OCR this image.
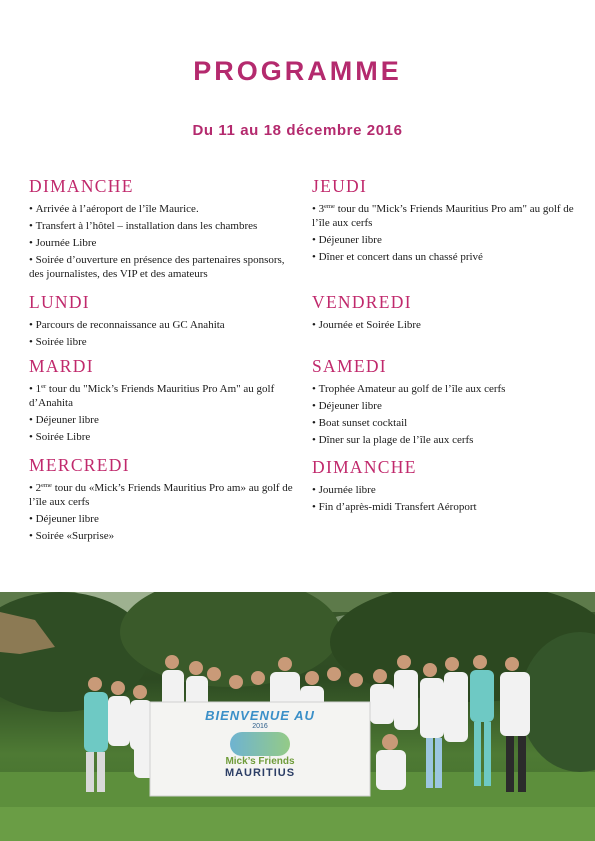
PROGRAMME
Du 11 au 18 décembre 2016
DIMANCHE
• Arrivée à l’aéroport de l’île Maurice.
• Transfert à l’hôtel – installation dans les chambres
• Journée Libre
• Soirée d’ouverture en présence des partenaires sponsors, des journalistes, des VIP et des amateurs
LUNDI
• Parcours de reconnaissance au GC Anahita
• Soirée libre
MARDI
• 1er tour du "Mick’s Friends Mauritius Pro Am" au golf d’Anahita
• Déjeuner libre
• Soirée Libre
MERCREDI
• 2eme tour du «Mick’s Friends Mauritius Pro am» au golf de l’île aux cerfs
• Déjeuner libre
• Soirée «Surprise»
JEUDI
• 3eme tour du "Mick’s Friends Mauritius Pro am" au golf de l’île aux cerfs
• Déjeuner libre
• Dîner et concert dans un chassé privé
VENDREDI
• Journée et Soirée Libre
SAMEDI
• Trophée Amateur au golf de l’île aux cerfs
• Déjeuner libre
• Boat sunset cocktail
• Dîner sur la plage de l’île aux cerfs
DIMANCHE
• Journée libre
• Fin d’après-midi Transfert Aéroport
BIENVENUE AU
2016
Mick’s Friends
MAURITIUS
